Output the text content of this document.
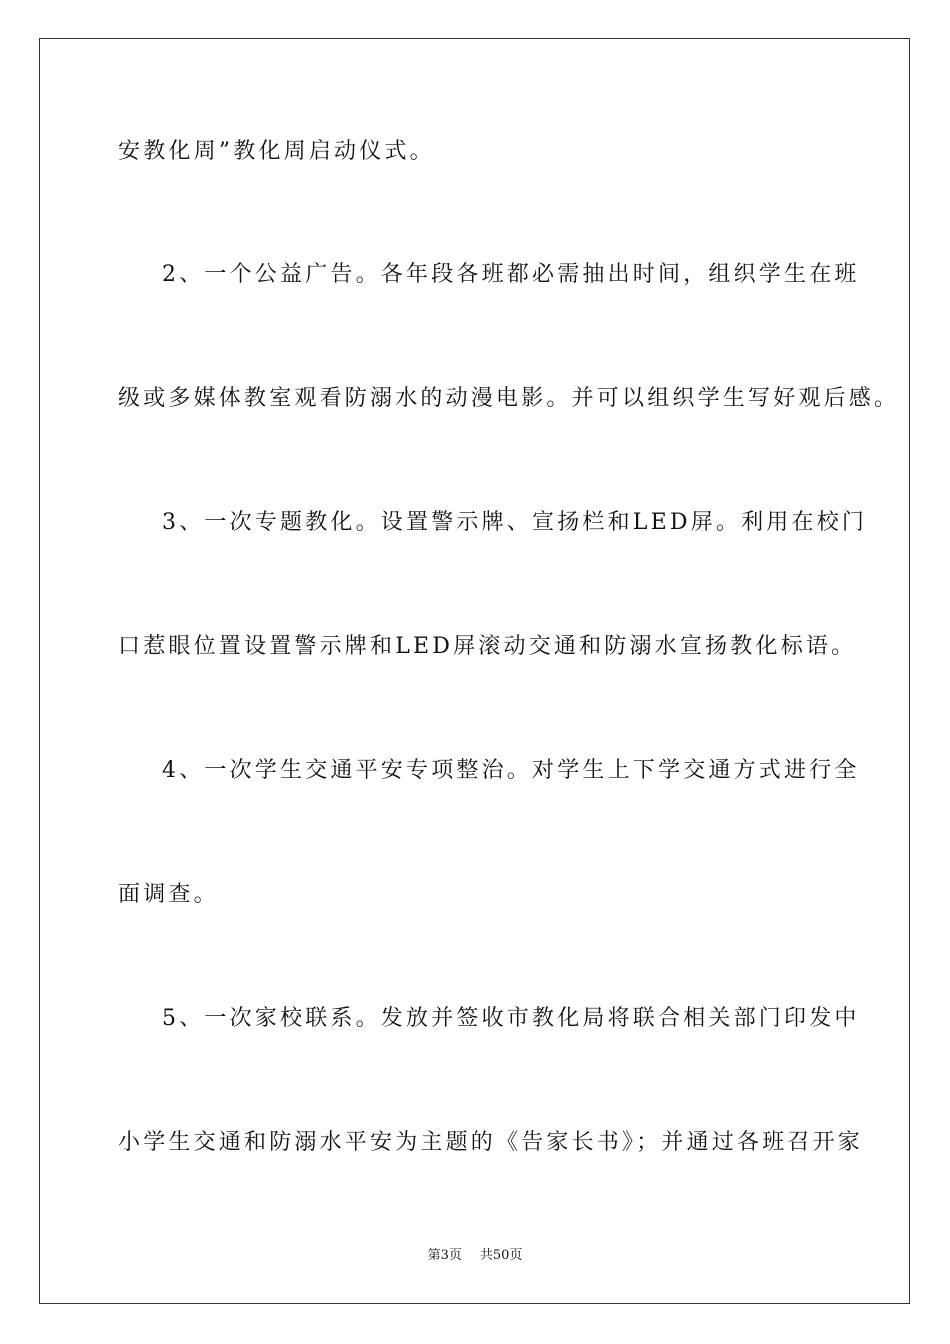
安教化周”教化周启动仪式。
2、一个公益广告。各年段各班都必需抽出时间，组织学生在班
级或多媒体教室观看防溺水的动漫电影。并可以组织学生写好观后感。
3、一次专题教化。设置警示牌、宣扬栏和LED屏。利用在校门
口惹眼位置设置警示牌和LED屏滚动交通和防溺水宣扬教化标语。
4、一次学生交通平安专项整治。对学生上下学交通方式进行全
面调查。
5、一次家校联系。发放并签收市教化局将联合相关部门印发中
小学生交通和防溺水平安为主题的《告家长书》；并通过各班召开家
第3页 共50页
